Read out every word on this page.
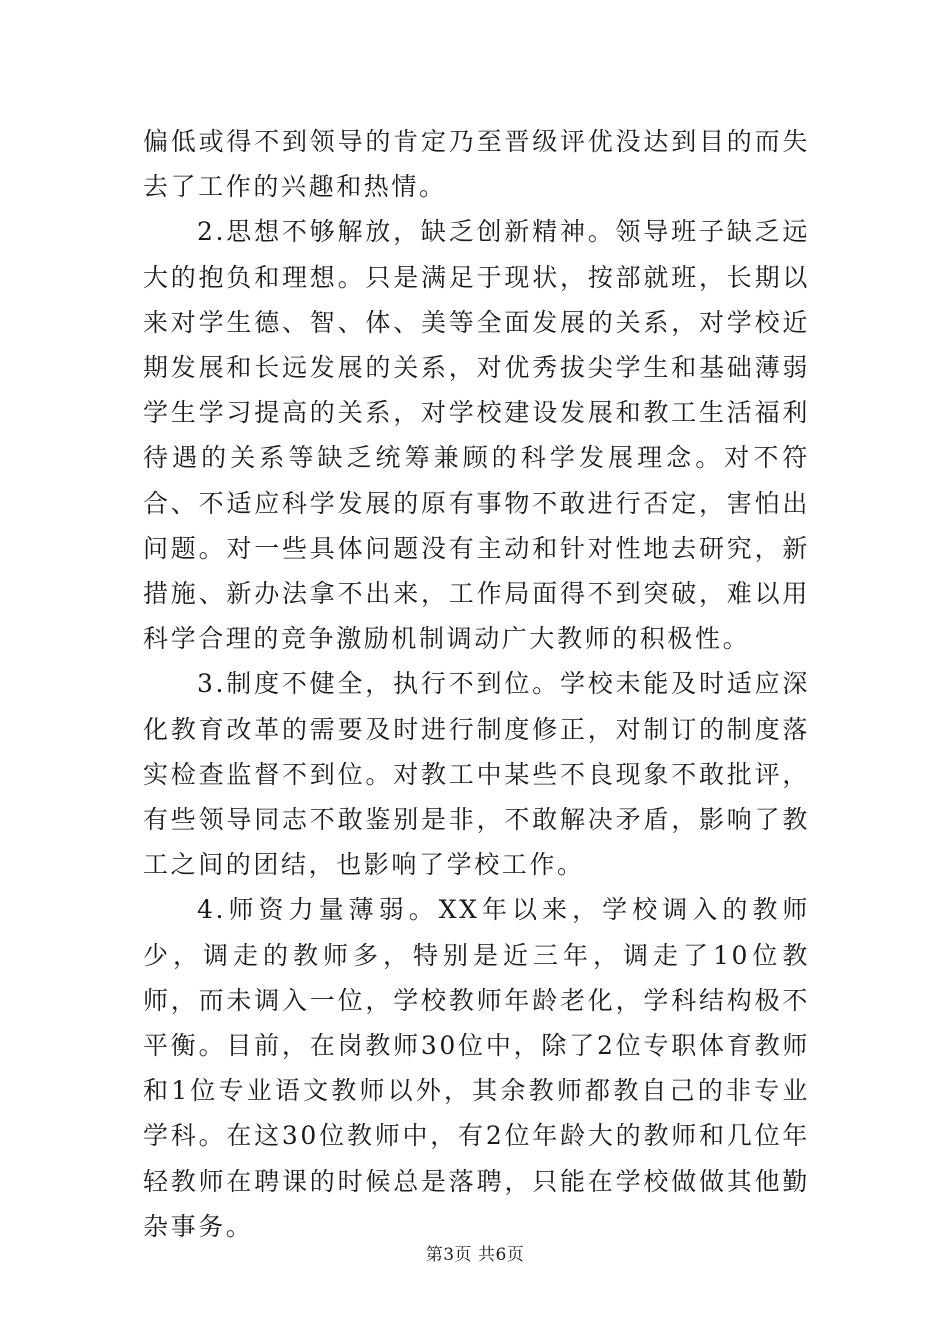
偏低或得不到领导的肯定乃至晋级评优没达到目的而失去了工作的兴趣和热情。

2.思想不够解放，缺乏创新精神。领导班子缺乏远大的抱负和理想。只是满足于现状，按部就班，长期以来对学生德、智、体、美等全面发展的关系，对学校近期发展和长远发展的关系，对优秀拔尖学生和基础薄弱学生学习提高的关系，对学校建设发展和教工生活福利待遇的关系等缺乏统筹兼顾的科学发展理念。对不符合、不适应科学发展的原有事物不敢进行否定，害怕出问题。对一些具体问题没有主动和针对性地去研究，新措施、新办法拿不出来，工作局面得不到突破，难以用科学合理的竞争激励机制调动广大教师的积极性。

3.制度不健全，执行不到位。学校未能及时适应深化教育改革的需要及时进行制度修正，对制订的制度落实检查监督不到位。对教工中某些不良现象不敢批评，有些领导同志不敢鉴别是非，不敢解决矛盾，影响了教工之间的团结，也影响了学校工作。

4.师资力量薄弱。XX年以来，学校调入的教师少，调走的教师多，特别是近三年，调走了10位教师，而未调入一位，学校教师年龄老化，学科结构极不平衡。目前，在岗教师30位中，除了2位专职体育教师和1位专业语文教师以外，其余教师都教自己的非专业学科。在这30位教师中，有2位年龄大的教师和几位年轻教师在聘课的时候总是落聘，只能在学校做做其他勤杂事务。

第3页 共6页
